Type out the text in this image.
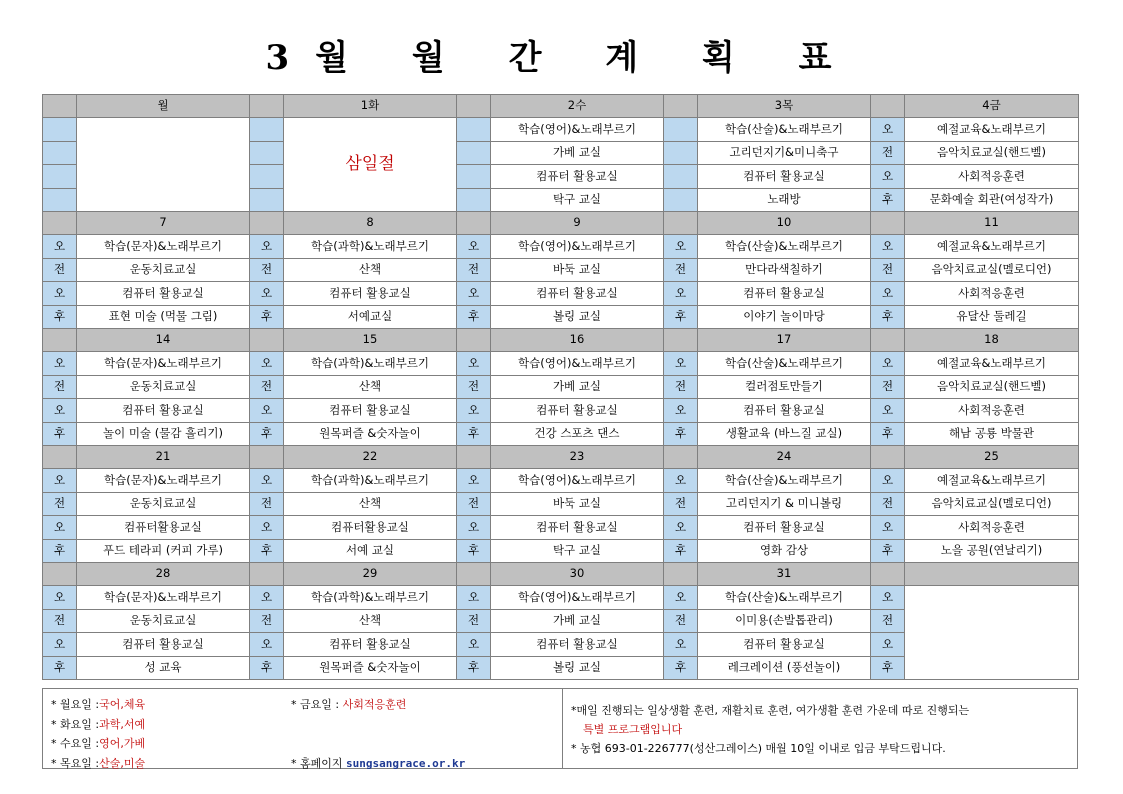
3월 월 간 계 획 표
	월		1화		2수		3목		4금
			삼일절		학습(영어)&노래부르기		학습(산술)&노래부르기	오	예절교육&노래부르기
					가베 교실		고리던지기&미니축구	전	음악치료교실(핸드벨)
					컴퓨터 활용교실		컴퓨터 활용교실	오	사회적응훈련
					탁구 교실		노래방	후	문화예술 회관(여성작가)
	7		8		9		10		11
오	학습(문자)&노래부르기	오	학습(과학)&노래부르기	오	학습(영어)&노래부르기	오	학습(산술)&노래부르기	오	예절교육&노래부르기
전	운동치료교실	전	산책	전	바둑 교실	전	만다라색칠하기	전	음악치료교실(멜로디언)
오	컴퓨터 활용교실	오	컴퓨터 활용교실	오	컴퓨터 활용교실	오	컴퓨터 활용교실	오	사회적응훈련
후	표현 미술 (먹물 그림)	후	서예교실	후	볼링 교실	후	이야기 놀이마당	후	유달산 둘레길
	14		15		16		17		18
오	학습(문자)&노래부르기	오	학습(과학)&노래부르기	오	학습(영어)&노래부르기	오	학습(산술)&노래부르기	오	예절교육&노래부르기
전	운동치료교실	전	산책	전	가베 교실	전	컬러점토만들기	전	음악치료교실(핸드벨)
오	컴퓨터 활용교실	오	컴퓨터 활용교실	오	컴퓨터 활용교실	오	컴퓨터 활용교실	오	사회적응훈련
후	놀이 미술 (물감 흘리기)	후	원목퍼즐 &숫자놀이	후	건강 스포츠 댄스	후	생활교육 (바느질 교실)	후	해남 공룡 박물관
	21		22		23		24		25
오	학습(문자)&노래부르기	오	학습(과학)&노래부르기	오	학습(영어)&노래부르기	오	학습(산술)&노래부르기	오	예절교육&노래부르기
전	운동치료교실	전	산책	전	바둑 교실	전	고리던지기 & 미니볼링	전	음악치료교실(멜로디언)
오	컴퓨터활용교실	오	컴퓨터활용교실	오	컴퓨터 활용교실	오	컴퓨터 활용교실	오	사회적응훈련
후	푸드 테라피 (커피 가루)	후	서예 교실	후	탁구 교실	후	영화 감상	후	노을 공원(연날리기)
	28		29		30		31		
오	학습(문자)&노래부르기	오	학습(과학)&노래부르기	오	학습(영어)&노래부르기	오	학습(산술)&노래부르기	오	
전	운동치료교실	전	산책	전	가베 교실	전	이미용(손발톱관리)	전	
오	컴퓨터 활용교실	오	컴퓨터 활용교실	오	컴퓨터 활용교실	오	컴퓨터 활용교실	오	
후	성 교육	후	원목퍼즐 &숫자놀이	후	볼링 교실	후	레크레이션 (풍선놀이)	후	
* 월요일 :국어,체육
* 화요일 :과학,서예
* 수요일 :영어,가베
* 목요일 :산술,미술
* 금요일 : 사회적응훈련
* 홈페이지 sungsangrace.or.kr
*매일 진행되는 일상생활 훈련, 재활치료 훈련, 여가생활 훈련 가운데 따로 진행되는
특별 프로그램입니다
* 농협 693-01-226777(성산그레이스) 매월 10일 이내로 입금 부탁드립니다.
